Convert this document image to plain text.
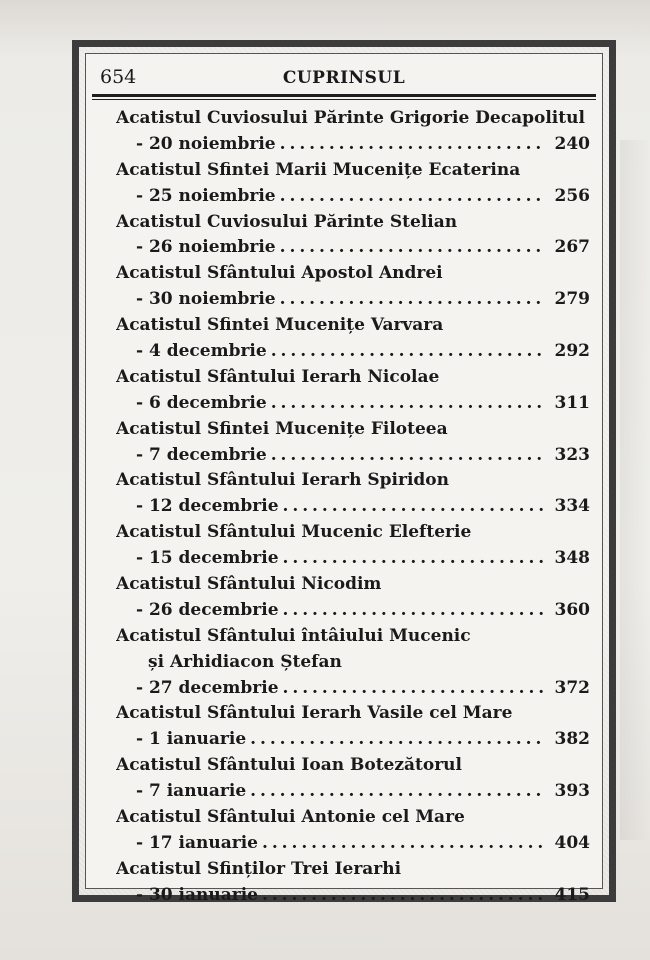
654	CUPRINSUL
Acatistul Cuviosului Părinte Grigorie Decapolitul
- 20 noiembrie . . .	240
Acatistul Sfintei Marii Mucenițe Ecaterina
- 25 noiembrie . . .	256
Acatistul Cuviosului Părinte Stelian
- 26 noiembrie . . .	267
Acatistul Sfântului Apostol Andrei
- 30 noiembrie . . .	279
Acatistul Sfintei Mucenițe Varvara
- 4 decembrie . . .	292
Acatistul Sfântului Ierarh Nicolae
- 6 decembrie . . .	311
Acatistul Sfintei Mucenițe Filoteea
- 7 decembrie . . .	323
Acatistul Sfântului Ierarh Spiridon
- 12 decembrie . . .	334
Acatistul Sfântului Mucenic Elefterie
- 15 decembrie . . .	348
Acatistul Sfântului Nicodim
- 26 decembrie . . .	360
Acatistul Sfântului întâiului Mucenic
și Arhidiacon Ștefan
- 27 decembrie . . .	372
Acatistul Sfântului Ierarh Vasile cel Mare
- 1 ianuarie . . .	382
Acatistul Sfântului Ioan Botezătorul
- 7 ianuarie . . .	393
Acatistul Sfântului Antonie cel Mare
- 17 ianuarie . . .	404
Acatistul Sfinților Trei Ierarhi
- 30 ianuarie . . .	415
